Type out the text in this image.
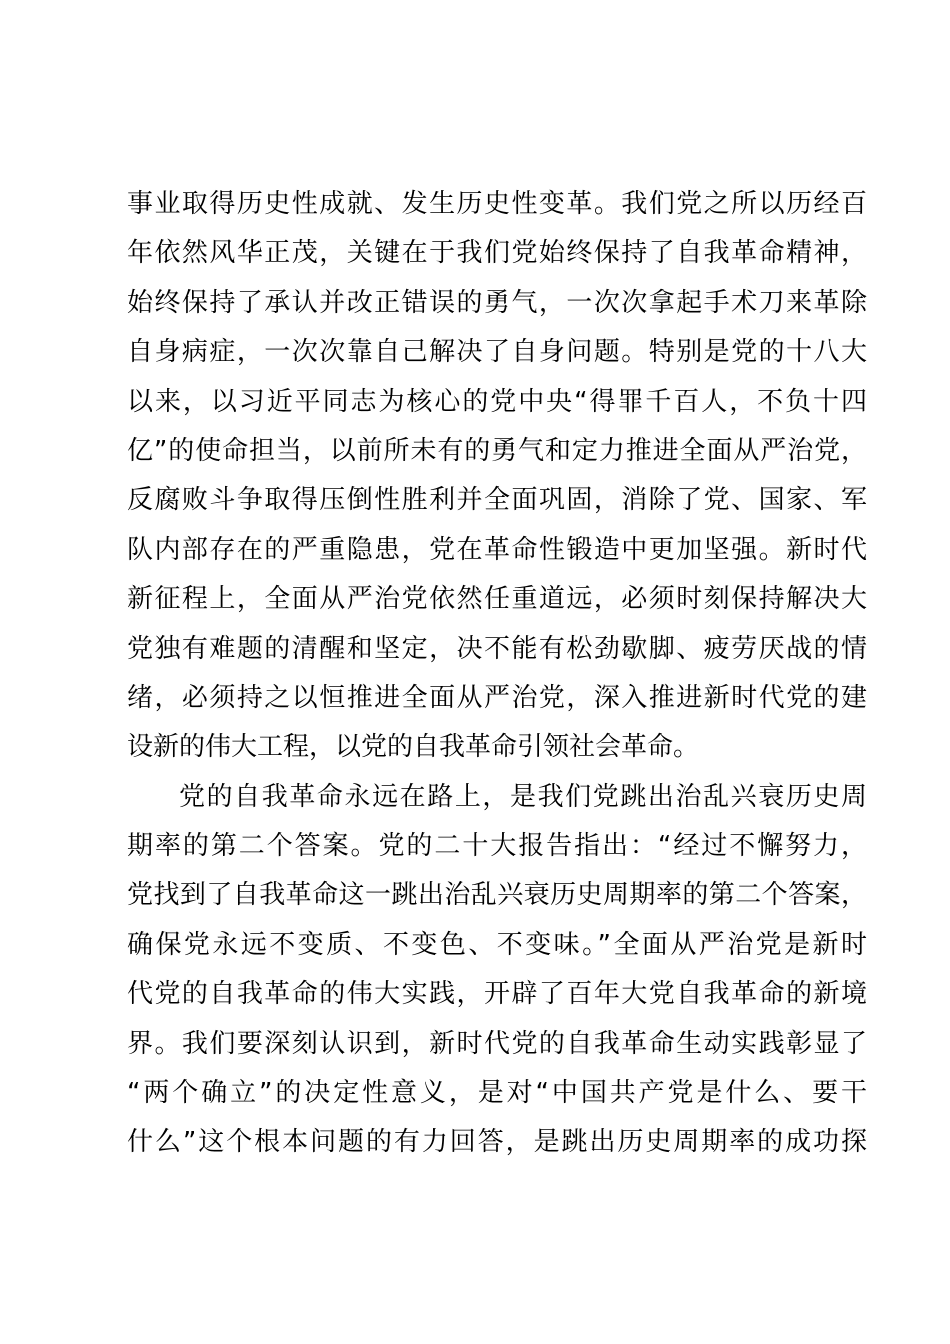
事业取得历史性成就、发生历史性变革。我们党之所以历经百
年依然风华正茂，关键在于我们党始终保持了自我革命精神，
始终保持了承认并改正错误的勇气，一次次拿起手术刀来革除
自身病症，一次次靠自己解决了自身问题。特别是党的十八大
以来，以习近平同志为核心的党中央“得罪千百人，不负十四
亿”的使命担当，以前所未有的勇气和定力推进全面从严治党，
反腐败斗争取得压倒性胜利并全面巩固，消除了党、国家、军
队内部存在的严重隐患，党在革命性锻造中更加坚强。新时代
新征程上，全面从严治党依然任重道远，必须时刻保持解决大
党独有难题的清醒和坚定，决不能有松劲歇脚、疲劳厌战的情
绪，必须持之以恒推进全面从严治党，深入推进新时代党的建
设新的伟大工程，以党的自我革命引领社会革命。
党的自我革命永远在路上，是我们党跳出治乱兴衰历史周
期率的第二个答案。党的二十大报告指出：“经过不懈努力，
党找到了自我革命这一跳出治乱兴衰历史周期率的第二个答案，
确保党永远不变质、不变色、不变味。”全面从严治党是新时
代党的自我革命的伟大实践，开辟了百年大党自我革命的新境
界。我们要深刻认识到，新时代党的自我革命生动实践彰显了
“两个确立”的决定性意义，是对“中国共产党是什么、要干
什么”这个根本问题的有力回答，是跳出历史周期率的成功探
